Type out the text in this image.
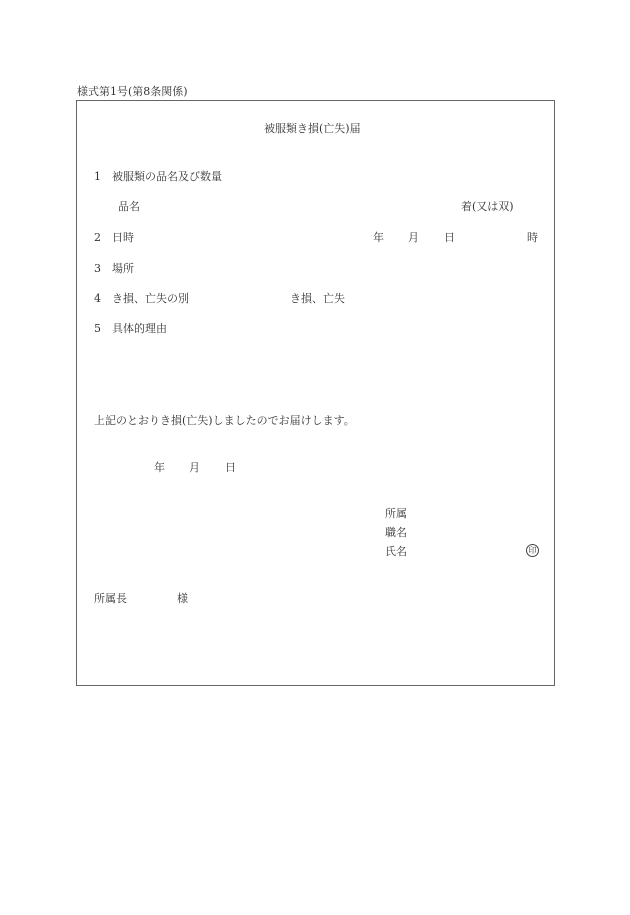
様式第1号(第8条関係)
被服類き損(亡失)届
1 被服類の品名及び数量
品名	着(又は双)
2 日時	年 月 日	時
3 場所
4 き損、亡失の別	き損、亡失
5 具体的理由
上記のとおりき損(亡失)しましたのでお届けします。
年 月 日
所属
職名
氏名	印
所属長	様
